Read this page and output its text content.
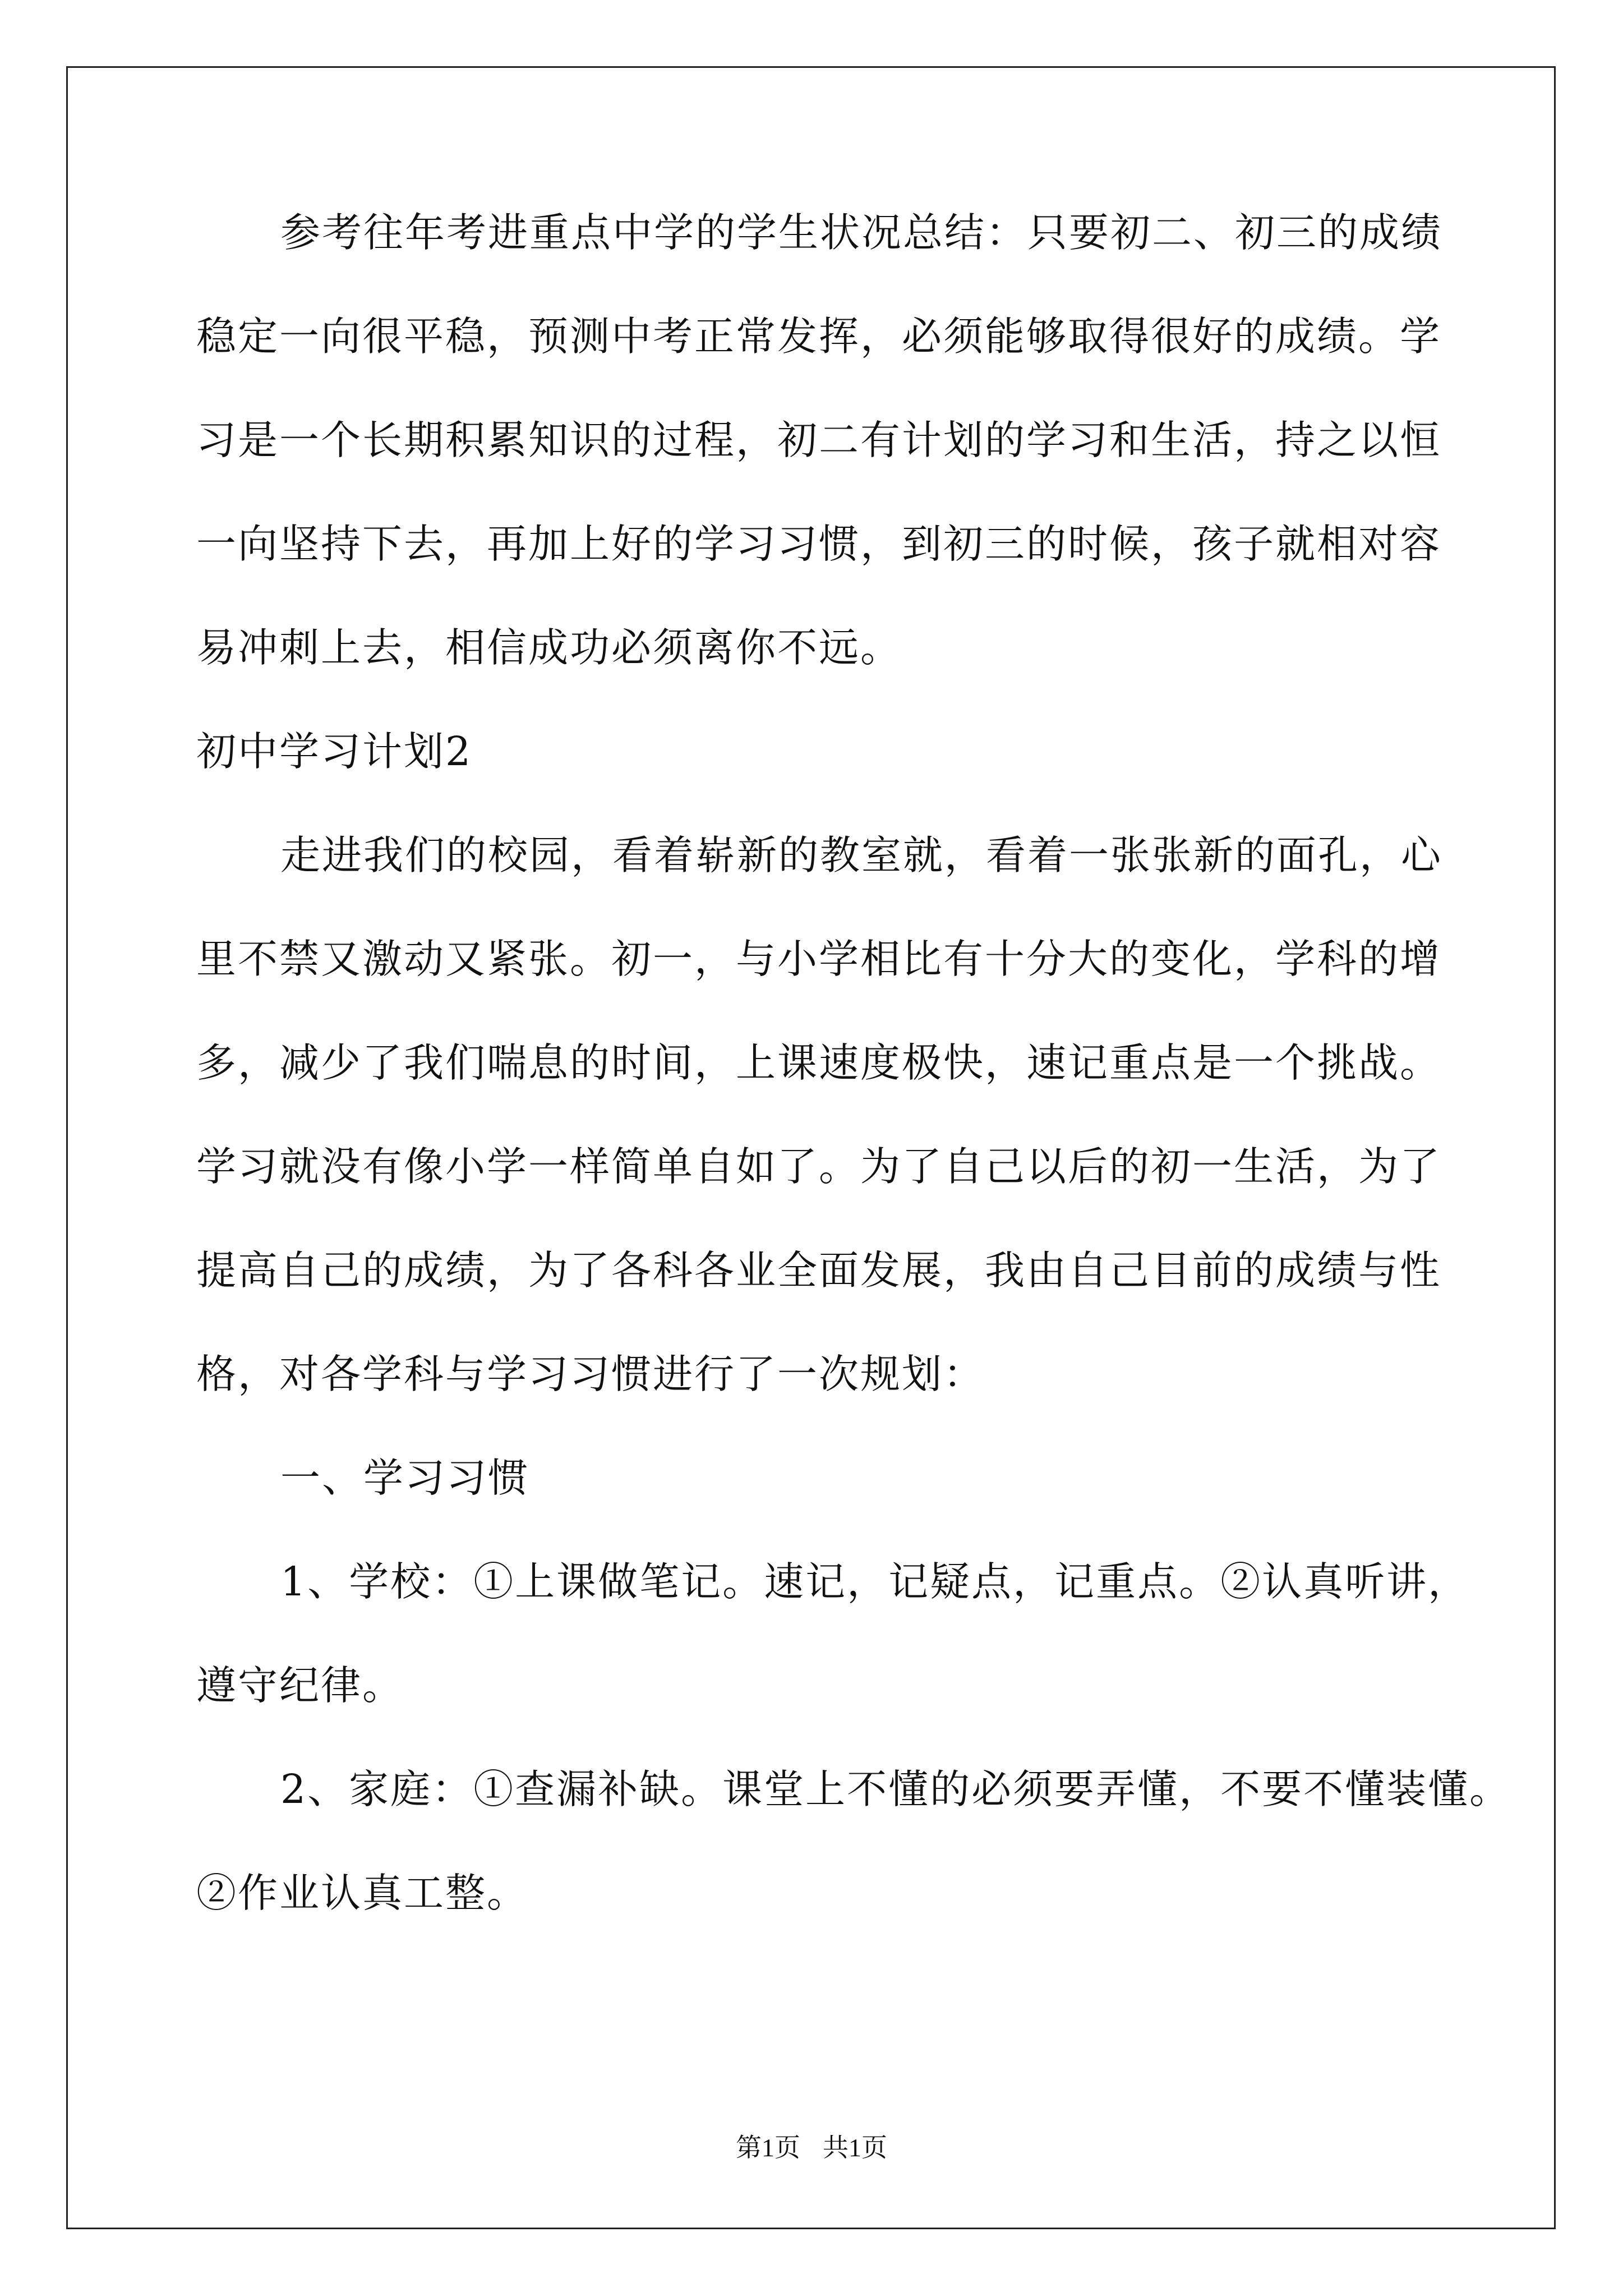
参考往年考进重点中学的学生状况总结：只要初二、初三的成绩
稳定一向很平稳，预测中考正常发挥，必须能够取得很好的成绩。学
习是一个长期积累知识的过程，初二有计划的学习和生活，持之以恒
一向坚持下去，再加上好的学习习惯，到初三的时候，孩子就相对容
易冲刺上去，相信成功必须离你不远。
初中学习计划2
走进我们的校园，看着崭新的教室就，看着一张张新的面孔，心
里不禁又激动又紧张。初一，与小学相比有十分大的变化，学科的增
多，减少了我们喘息的时间，上课速度极快，速记重点是一个挑战。
学习就没有像小学一样简单自如了。为了自己以后的初一生活，为了
提高自己的成绩，为了各科各业全面发展，我由自己目前的成绩与性
格，对各学科与学习习惯进行了一次规划：
一、学习习惯
1、学校：①上课做笔记。速记，记疑点，记重点。②认真听讲，
遵守纪律。
2、家庭：①查漏补缺。课堂上不懂的必须要弄懂，不要不懂装懂。
②作业认真工整。
第1页 共1页
